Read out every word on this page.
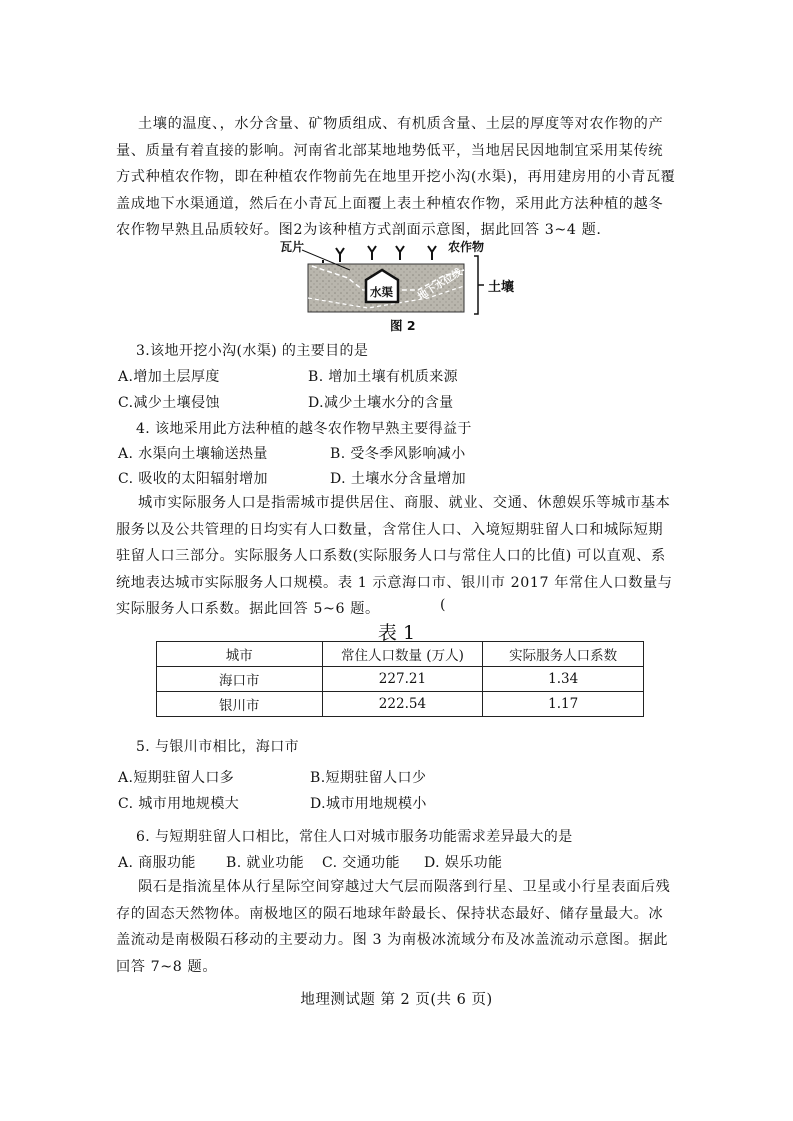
土壤的温度、，水分含量、矿物质组成、有机质含量、土层的厚度等对农作物的产量、质量有着直接的影响。河南省北部某地地势低平，当地居民因地制宜采用某传统方式种植农作物，即在种植农作物前先在地里开挖小沟(水渠)，再用建房用的小青瓦覆盖成地下水渠通道，然后在小青瓦上面覆上表土种植农作物，采用此方法种植的越冬农作物早熟且品质较好。图2为该种植方式剖面示意图，据此回答 3~4 题.
瓦片	农作物
土壤
水渠 地下水位线
图 2
3.该地开挖小沟(水渠) 的主要目的是
A.增加土层厚度	B. 增加土壤有机质来源
C.减少土壤侵蚀	D.减少土壤水分的含量
4. 该地采用此方法种植的越冬农作物早熟主要得益于
A. 水渠向土壤输送热量	B. 受冬季风影响减小
C. 吸收的太阳辐射增加	D. 土壤水分含量增加
城市实际服务人口是指需城市提供居住、商服、就业、交通、休憩娱乐等城市基本服务以及公共管理的日均实有人口数量，含常住人口、入境短期驻留人口和城际短期驻留人口三部分。实际服务人口系数(实际服务人口与常住人口的比值) 可以直观、系统地表达城市实际服务人口规模。表 1 示意海口市、银川市 2017 年常住人口数量与实际服务人口系数。据此回答 5~6 题。	(
表 1
城市	常住人口数量 (万人)	实际服务人口系数
海口市	227.21	1.34
银川市	222.54	1.17
5. 与银川市相比，海口市
A.短期驻留人口多	B.短期驻留人口少
C. 城市用地规模大	D.城市用地规模小
6. 与短期驻留人口相比，常住人口对城市服务功能需求差异最大的是
A. 商服功能 B. 就业功能 C. 交通功能 D. 娱乐功能
陨石是指流星体从行星际空间穿越过大气层而陨落到行星、卫星或小行星表面后残存的固态天然物体。南极地区的陨石地球年龄最长、保持状态最好、储存量最大。冰盖流动是南极陨石移动的主要动力。图 3 为南极冰流域分布及冰盖流动示意图。据此回答 7~8 题。
地理测试题 第 2 页(共 6 页)
